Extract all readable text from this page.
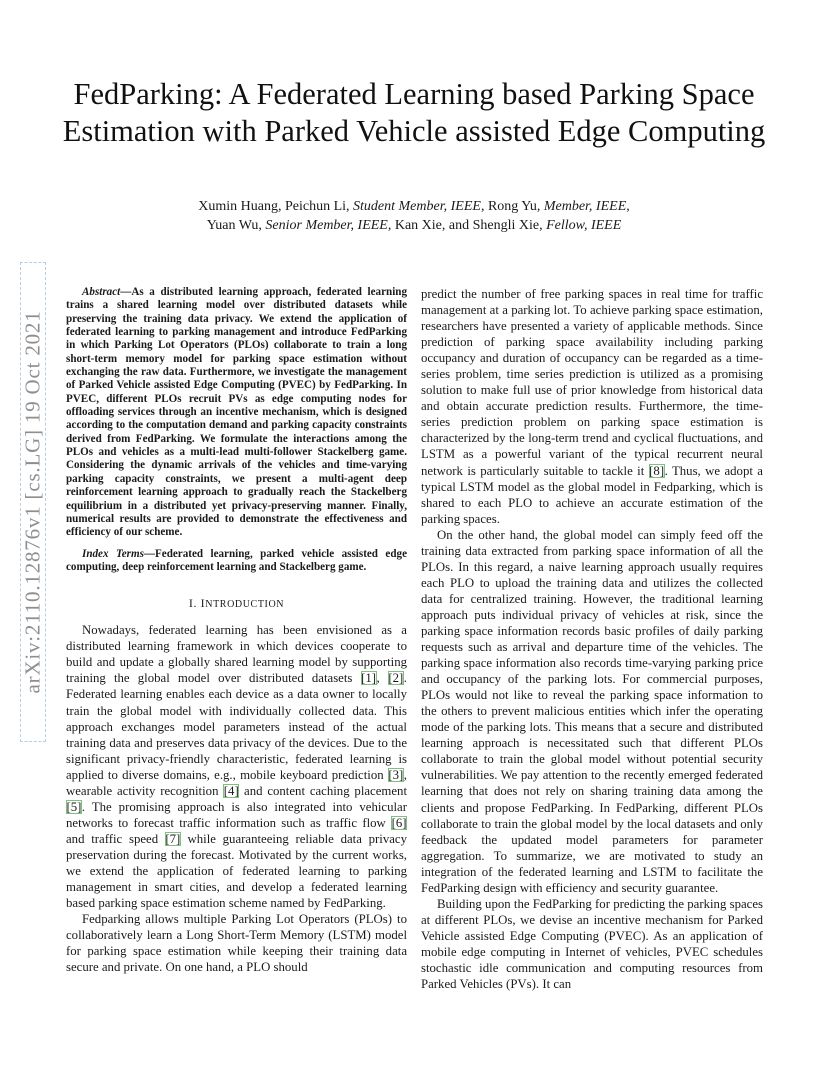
arXiv:2110.12876v1 [cs.LG] 19 Oct 2021
FedParking: A Federated Learning based Parking Space Estimation with Parked Vehicle assisted Edge Computing
Xumin Huang, Peichun Li, Student Member, IEEE, Rong Yu, Member, IEEE,
Yuan Wu, Senior Member, IEEE, Kan Xie, and Shengli Xie, Fellow, IEEE

Abstract—As a distributed learning approach, federated learning trains a shared learning model over distributed datasets while preserving the training data privacy. We extend the application of federated learning to parking management and introduce FedParking in which Parking Lot Operators (PLOs) collaborate to train a long short-term memory model for parking space estimation without exchanging the raw data. Furthermore, we investigate the management of Parked Vehicle assisted Edge Computing (PVEC) by FedParking. In PVEC, different PLOs recruit PVs as edge computing nodes for offloading services through an incentive mechanism, which is designed according to the computation demand and parking capacity constraints derived from FedParking. We formulate the interactions among the PLOs and vehicles as a multi-lead multi-follower Stackelberg game. Considering the dynamic arrivals of the vehicles and time-varying parking capacity constraints, we present a multi-agent deep reinforcement learning approach to gradually reach the Stackelberg equilibrium in a distributed yet privacy-preserving manner. Finally, numerical results are provided to demonstrate the effectiveness and efficiency of our scheme.

Index Terms—Federated learning, parked vehicle assisted edge computing, deep reinforcement learning and Stackelberg game.

I. INTRODUCTION

Nowadays, federated learning has been envisioned as a distributed learning framework in which devices cooperate to build and update a globally shared learning model by supporting training the global model over distributed datasets [1], [2]. Federated learning enables each device as a data owner to locally train the global model with individually collected data. This approach exchanges model parameters instead of the actual training data and preserves data privacy of the devices. Due to the significant privacy-friendly characteristic, federated learning is applied to diverse domains, e.g., mobile keyboard prediction [3], wearable activity recognition [4] and content caching placement [5]. The promising approach is also integrated into vehicular networks to forecast traffic information such as traffic flow [6] and traffic speed [7] while guaranteeing reliable data privacy preservation during the forecast. Motivated by the current works, we extend the application of federated learning to parking management in smart cities, and develop a federated learning based parking space estimation scheme named by FedParking.

Fedparking allows multiple Parking Lot Operators (PLOs) to collaboratively learn a Long Short-Term Memory (LSTM) model for parking space estimation while keeping their training data secure and private. On one hand, a PLO should

predict the number of free parking spaces in real time for traffic management at a parking lot. To achieve parking space estimation, researchers have presented a variety of applicable methods. Since prediction of parking space availability including parking occupancy and duration of occupancy can be regarded as a time-series problem, time series prediction is utilized as a promising solution to make full use of prior knowledge from historical data and obtain accurate prediction results. Furthermore, the time-series prediction problem on parking space estimation is characterized by the long-term trend and cyclical fluctuations, and LSTM as a powerful variant of the typical recurrent neural network is particularly suitable to tackle it [8]. Thus, we adopt a typical LSTM model as the global model in Fedparking, which is shared to each PLO to achieve an accurate estimation of the parking spaces.

On the other hand, the global model can simply feed off the training data extracted from parking space information of all the PLOs. In this regard, a naive learning approach usually requires each PLO to upload the training data and utilizes the collected data for centralized training. However, the traditional learning approach puts individual privacy of vehicles at risk, since the parking space information records basic profiles of daily parking requests such as arrival and departure time of the vehicles. The parking space information also records time-varying parking price and occupancy of the parking lots. For commercial purposes, PLOs would not like to reveal the parking space information to the others to prevent malicious entities which infer the operating mode of the parking lots. This means that a secure and distributed learning approach is necessitated such that different PLOs collaborate to train the global model without potential security vulnerabilities. We pay attention to the recently emerged federated learning that does not rely on sharing training data among the clients and propose FedParking. In FedParking, different PLOs collaborate to train the global model by the local datasets and only feedback the updated model parameters for parameter aggregation. To summarize, we are motivated to study an integration of the federated learning and LSTM to facilitate the FedParking design with efficiency and security guarantee.

Building upon the FedParking for predicting the parking spaces at different PLOs, we devise an incentive mechanism for Parked Vehicle assisted Edge Computing (PVEC). As an application of mobile edge computing in Internet of vehicles, PVEC schedules stochastic idle communication and computing resources from Parked Vehicles (PVs). It can
